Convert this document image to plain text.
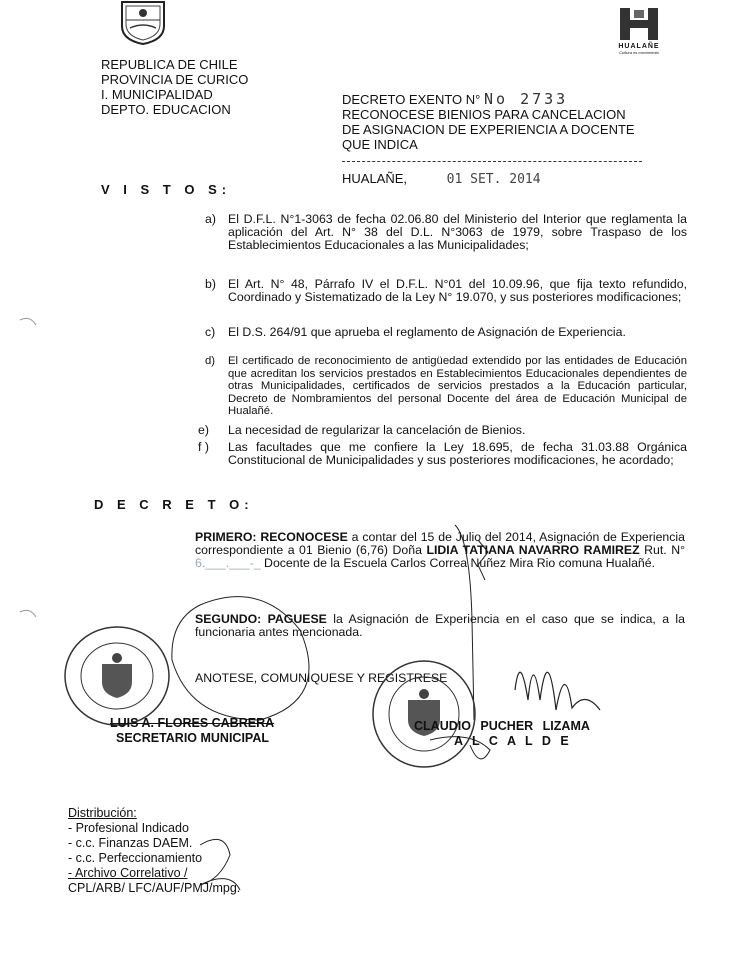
HUALAÑE
Cultura es movimiento
REPUBLICA DE CHILE
PROVINCIA DE CURICO
I. MUNICIPALIDAD
DEPTO. EDUCACION
DECRETO EXENTO N° No 2733
RECONOCESE BIENIOS PARA CANCELACION
DE ASIGNACION DE EXPERIENCIA A DOCENTE
QUE INDICA
HUALAÑE,	01 SET. 2014
V I S T O S:
a) El D.F.L. N°1-3063 de fecha 02.06.80 del Ministerio del Interior que reglamenta la aplicación del Art. N° 38 del D.L. N°3063 de 1979, sobre Traspaso de los Establecimientos Educacionales a las Municipalidades;
b) El Art. N° 48, Párrafo IV el D.F.L. N°01 del 10.09.96, que fija texto refundido, Coordinado y Sistematizado de la Ley N° 19.070, y sus posteriores modificaciones;
c) El D.S. 264/91 que aprueba el reglamento de Asignación de Experiencia.
d) El certificado de reconocimiento de antigüedad extendido por las entidades de Educación que acreditan los servicios prestados en Establecimientos Educacionales dependientes de otras Municipalidades, certificados de servicios prestados a la Educación particular, Decreto de Nombramientos del personal Docente del área de Educación Municipal de Hualañé.
e) La necesidad de regularizar la cancelación de Bienios.
f ) Las facultades que me confiere la Ley 18.695, de fecha 31.03.88 Orgánica Constitucional de Municipalidades y sus posteriores modificaciones, he acordado;
D E C R E T O:
PRIMERO: RECONOCESE a contar del 15 de Julio del 2014, Asignación de Experiencia correspondiente a 01 Bienio (6,76) Doña LIDIA TATIANA NAVARRO RAMIREZ Rut. N° 6.___.___-_ Docente de la Escuela Carlos Correa Núñez Mira Rio comuna Hualañé.
SEGUNDO: PAGUESE la Asignación de Experiencia en el caso que se indica, a la funcionaria antes mencionada.
ANOTESE, COMUNIQUESE Y REGISTRESE
LUIS A. FLORES CABRERA
SECRETARIO MUNICIPAL
CLAUDIO PUCHER LIZAMA
A L C A L D E
Distribución:
- Profesional Indicado
- c.c. Finanzas DAEM.
- c.c. Perfeccionamiento
- Archivo Correlativo /
CPL/ARB/ LFC/AUF/PMJ/mpg.
